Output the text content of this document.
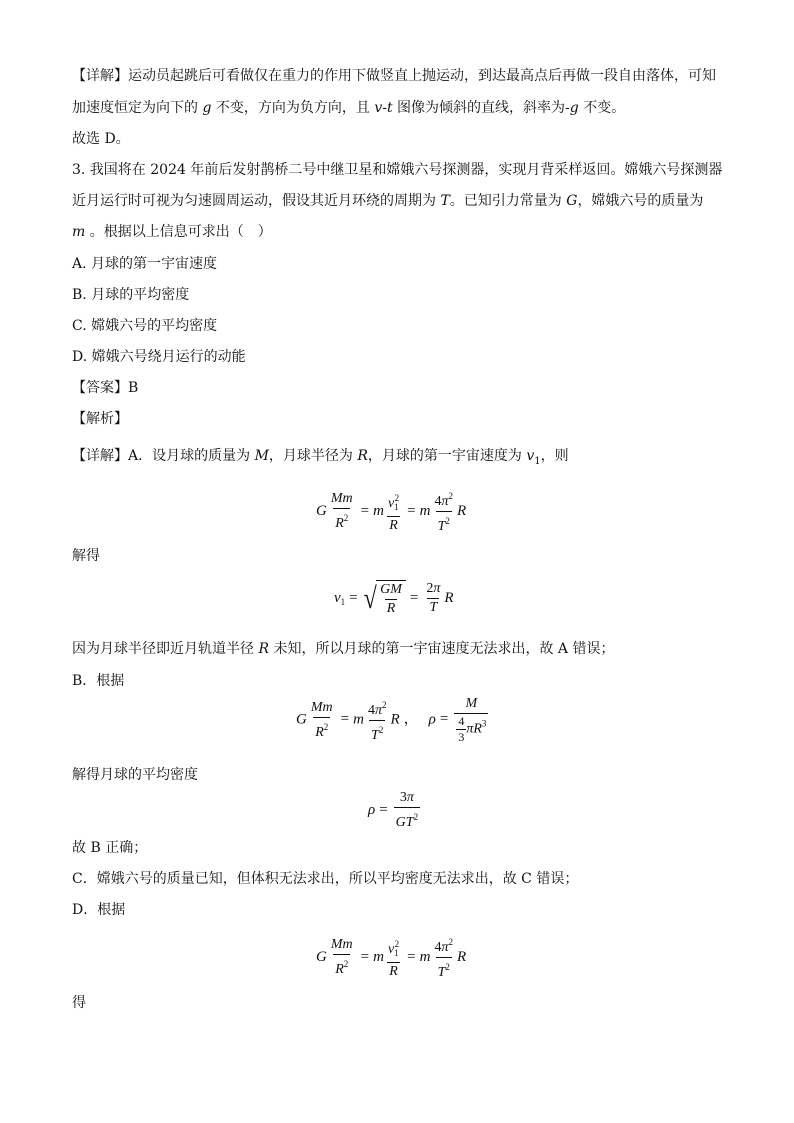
【详解】运动员起跳后可看做仅在重力的作用下做竖直上抛运动，到达最高点后再做一段自由落体，可知
加速度恒定为向下的 g 不变，方向为负方向，且 v-t 图像为倾斜的直线，斜率为-g 不变。
故选 D。
3. 我国将在 2024 年前后发射鹊桥二号中继卫星和嫦娥六号探测器，实现月背采样返回。嫦娥六号探测器
近月运行时可视为匀速圆周运动，假设其近月环绕的周期为 T。已知引力常量为 G，嫦娥六号的质量为
m 。根据以上信息可求出（　）
A. 月球的第一宇宙速度
B. 月球的平均密度
C. 嫦娥六号的平均密度
D. 嫦娥六号绕月运行的动能
【答案】B
【解析】
【详解】A．设月球的质量为 M，月球半径为 R，月球的第一宇宙速度为 $v_1$，则
G $\frac{Mm}{R^2} = m \frac{v_1^2}{R} = m \frac{4\pi^2}{T^2}$ R
解得
$v_1$ = √ $\frac{GM}{R} = \frac{2\pi}{T}$ R
因为月球半径即近月轨道半径 R 未知，所以月球的第一宇宙速度无法求出，故 A 错误；
B．根据
G $\frac{Mm}{R^2} = m \frac{4\pi^2}{T^2}$ R ， $\rho = \frac{M}{\frac{4}{3} \pi R^3}$
解得月球的平均密度
$\rho = \frac{3\pi}{GT^2}$
故 B 正确；
C．嫦娥六号的质量已知，但体积无法求出，所以平均密度无法求出，故 C 错误；
D．根据
G $\frac{Mm}{R^2} = m \frac{v_1^2}{R} = m \frac{4\pi^2}{T^2}$ R
得
